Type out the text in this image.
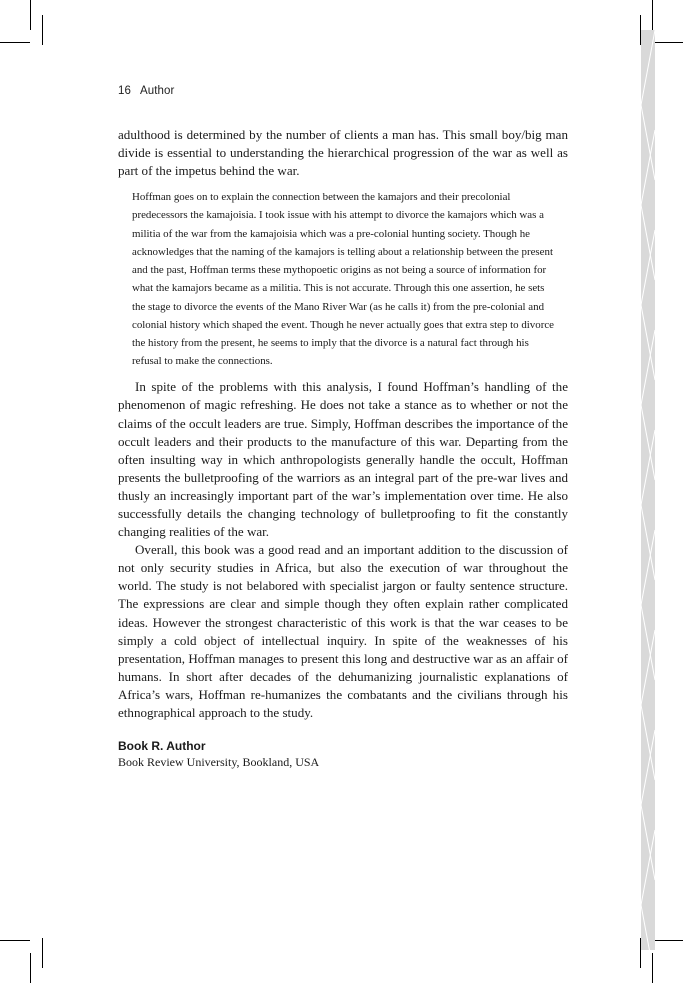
16 Author

adulthood is determined by the number of clients a man has. This small boy/big man divide is essential to understanding the hierarchical progression of the war as well as part of the impetus behind the war.

Hoffman goes on to explain the connection between the kamajors and their precolonial predecessors the kamajoisia. I took issue with his attempt to divorce the kamajors which was a militia of the war from the kamajoisia which was a pre-colonial hunting society. Though he acknowledges that the naming of the kamajors is telling about a relationship between the present and the past, Hoffman terms these mythopoetic origins as not being a source of information for what the kamajors became as a militia. This is not accurate. Through this one assertion, he sets the stage to divorce the events of the Mano River War (as he calls it) from the pre-colonial and colonial history which shaped the event. Though he never actually goes that extra step to divorce the history from the present, he seems to imply that the divorce is a natural fact through his refusal to make the connections.

In spite of the problems with this analysis, I found Hoffman’s handling of the phenomenon of magic refreshing. He does not take a stance as to whether or not the claims of the occult leaders are true. Simply, Hoffman describes the importance of the occult leaders and their products to the manufacture of this war. Departing from the often insulting way in which anthropologists generally handle the occult, Hoffman presents the bulletproofing of the warriors as an integral part of the pre-war lives and thusly an increasingly important part of the war’s implementation over time. He also successfully details the changing technology of bulletproofing to fit the constantly changing realities of the war.

Overall, this book was a good read and an important addition to the discussion of not only security studies in Africa, but also the execution of war throughout the world. The study is not belabored with specialist jargon or faulty sentence structure. The expressions are clear and simple though they often explain rather complicated ideas. However the strongest characteristic of this work is that the war ceases to be simply a cold object of intellectual inquiry. In spite of the weaknesses of his presentation, Hoffman manages to present this long and destructive war as an affair of humans. In short after decades of the dehumanizing journalistic explanations of Africa’s wars, Hoffman re-humanizes the combatants and the civilians through his ethnographical approach to the study.

Book R. Author
Book Review University, Bookland, USA
